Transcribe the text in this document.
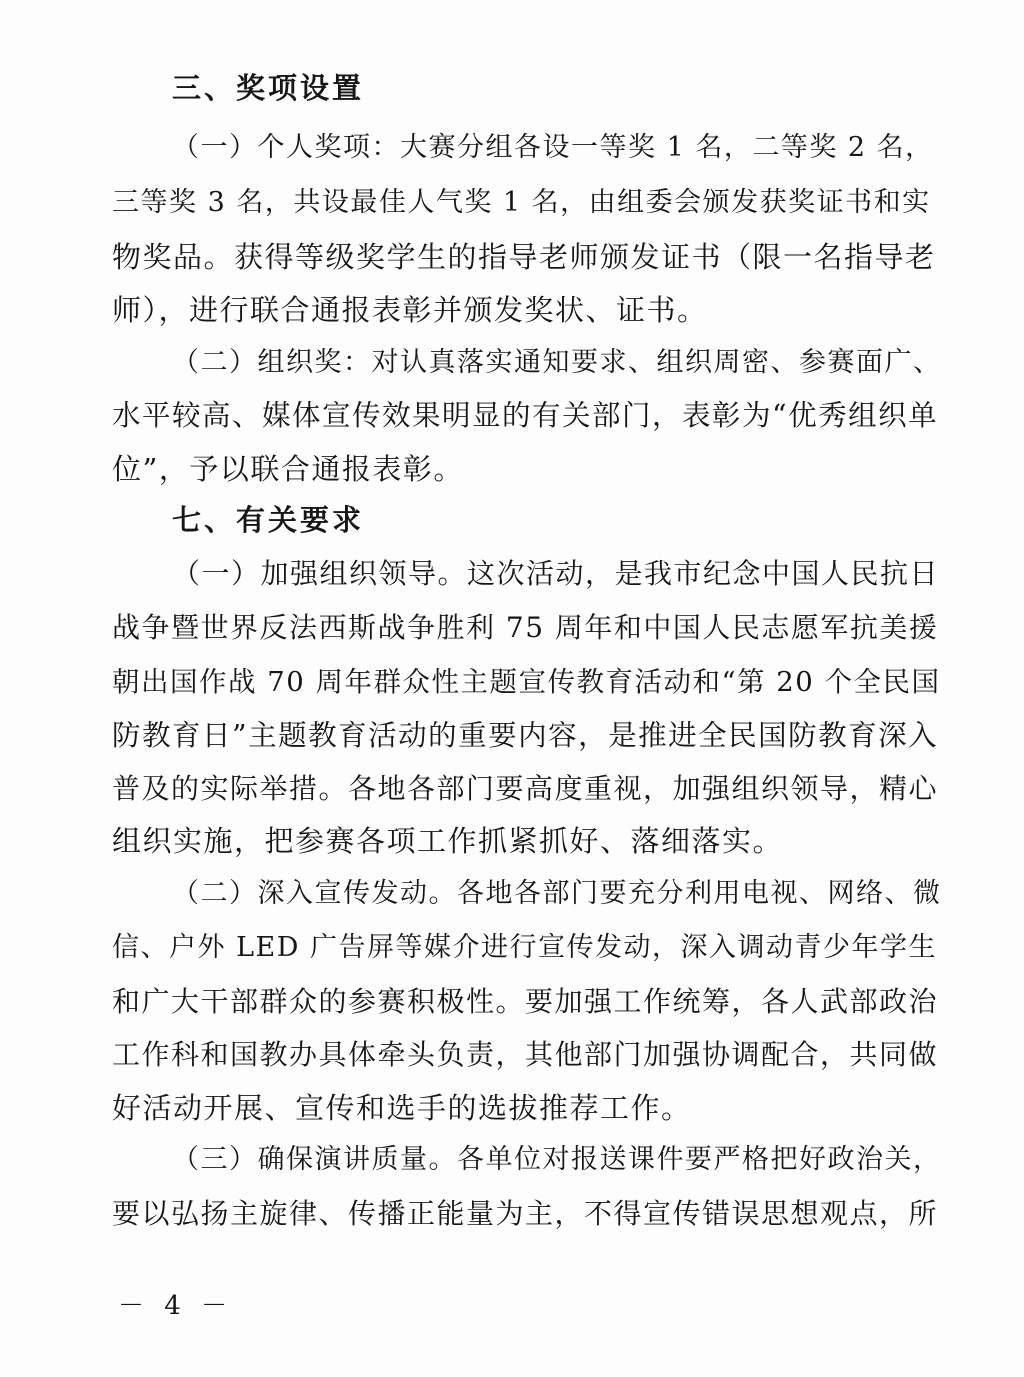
三、奖项设置
（一）个人奖项：大赛分组各设一等奖 1 名，二等奖 2 名，
三等奖 3 名，共设最佳人气奖 1 名，由组委会颁发获奖证书和实
物奖品。获得等级奖学生的指导老师颁发证书（限一名指导老
师），进行联合通报表彰并颁发奖状、证书。
（二）组织奖：对认真落实通知要求、组织周密、参赛面广、
水平较高、媒体宣传效果明显的有关部门，表彰为“优秀组织单
位”，予以联合通报表彰。
七、有关要求
（一）加强组织领导。这次活动，是我市纪念中国人民抗日
战争暨世界反法西斯战争胜利 75 周年和中国人民志愿军抗美援
朝出国作战 70 周年群众性主题宣传教育活动和“第 20 个全民国
防教育日”主题教育活动的重要内容，是推进全民国防教育深入
普及的实际举措。各地各部门要高度重视，加强组织领导，精心
组织实施，把参赛各项工作抓紧抓好、落细落实。
（二）深入宣传发动。各地各部门要充分利用电视、网络、微
信、户外 LED 广告屏等媒介进行宣传发动，深入调动青少年学生
和广大干部群众的参赛积极性。要加强工作统筹，各人武部政治
工作科和国教办具体牵头负责，其他部门加强协调配合，共同做
好活动开展、宣传和选手的选拔推荐工作。
（三）确保演讲质量。各单位对报送课件要严格把好政治关，
要以弘扬主旋律、传播正能量为主，不得宣传错误思想观点，所
－ 4 －
